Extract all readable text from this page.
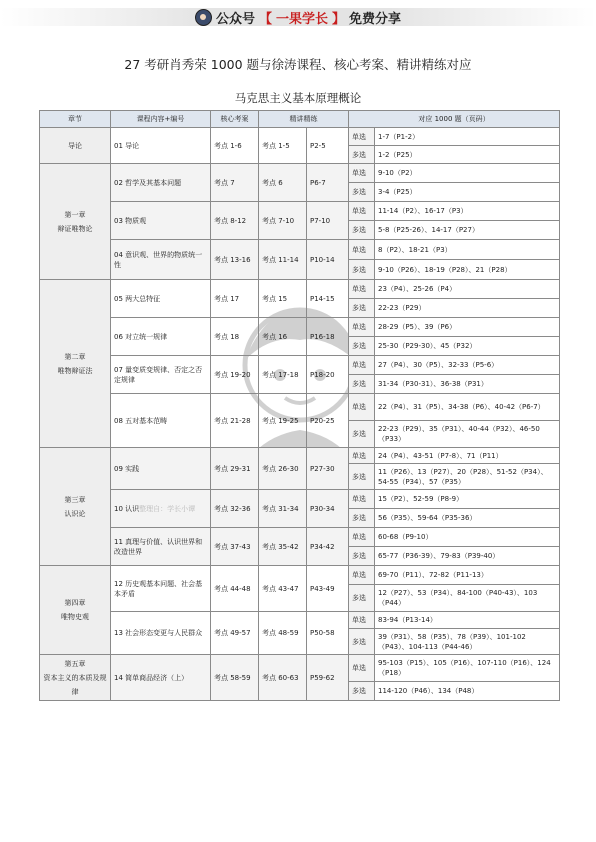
公众号 【 一果学长 】 免费分享
27 考研肖秀荣 1000 题与徐涛课程、核心考案、精讲精练对应
马克思主义基本原理概论
章节	课程内容+编号	核心考案	精讲精练		对应 1000 题（页码）	

导论	01 导论	考点 1-6	考点 1-5	P2-5	单选	1-7（P1-2）
					多选	1-2（P25）

第一章
辩证唯物论	02 哲学及其基本问题	考点 7	考点 6	P6-7	单选	9-10（P2）
					多选	3-4（P25）
	03 物质观	考点 8-12	考点 7-10	P7-10	单选	11-14（P2）、16-17（P3）
					多选	5-8（P25-26）、14-17（P27）
	04 意识观、世界的物质统一性	考点 13-16	考点 11-14	P10-14	单选	8（P2）、18-21（P3）
					多选	9-10（P26）、18-19（P28）、21（P28）

第二章
唯物辩证法	05 两大总特征	考点 17	考点 15	P14-15	单选	23（P4）、25-26（P4）
					多选	22-23（P29）
	06 对立统一规律	考点 18	考点 16	P16-18	单选	28-29（P5）、39（P6）
					多选	25-30（P29-30）、45（P32）
	07 量变质变规律、否定之否定规律	考点 19-20	考点 17-18	P18-20	单选	27（P4）、30（P5）、32-33（P5-6）
					多选	31-34（P30-31）、36-38（P31）
	08 五对基本范畴	考点 21-28	考点 19-25	P20-25	单选	22（P4）、31（P5）、34-38（P6）、40-42（P6-7）
					多选	22-23（P29）、35（P31）、40-44（P32）、46-50（P33）

第三章
认识论	09 实践	考点 29-31	考点 26-30	P27-30	单选	24（P4）、43-51（P7-8）、71（P11）
					多选	11（P26）、13（P27）、20（P28）、51-52（P34）、54-55（P34）、57（P35）
	10 认识整理自：学长小谭	考点 32-36	考点 31-34	P30-34	单选	15（P2）、52-59（P8-9）
					多选	56（P35）、59-64（P35-36）
	11 真理与价值、认识世界和改造世界	考点 37-43	考点 35-42	P34-42	单选	60-68（P9-10）
					多选	65-77（P36-39）、79-83（P39-40）

第四章
唯物史观	12 历史观基本问题、社会基本矛盾	考点 44-48	考点 43-47	P43-49	单选	69-70（P11）、72-82（P11-13）
					多选	12（P27）、53（P34）、84-100（P40-43）、103（P44）
	13 社会形态变更与人民群众	考点 49-57	考点 48-59	P50-58	单选	83-94（P13-14）
					多选	39（P31）、58（P35）、78（P39）、101-102（P43）、104-113（P44-46）

第五章
资本主义的本质及规律	14 简单商品经济（上）	考点 58-59	考点 60-63	P59-62	单选	95-103（P15）、105（P16）、107-110（P16）、124（P18）
					多选	114-120（P46）、134（P48）
